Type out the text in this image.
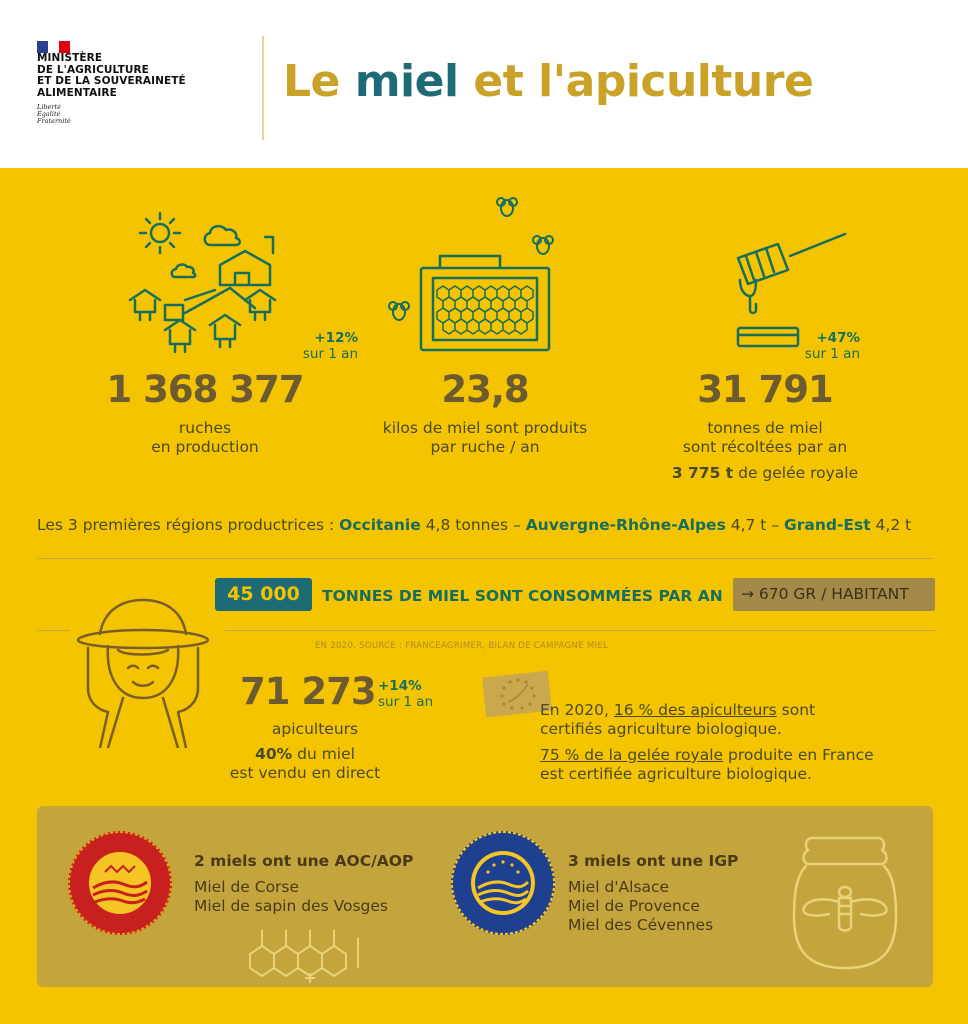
MINISTÈRE
DE L'AGRICULTURE
ET DE LA SOUVERAINETÉ
ALIMENTAIRE
Liberté
Égalité
Fraternité
Le miel et l'apiculture
+12%
sur 1 an
1 368 377
ruches
en production
23,8
kilos de miel sont produits
par ruche / an
+47%
sur 1 an
31 791
tonnes de miel
sont récoltées par an
3 775 t de gelée royale
Les 3 premières régions productrices : Occitanie 4,8 tonnes – Auvergne-Rhône-Alpes 4,7 t – Grand-Est 4,2 t
45 000	TONNES DE MIEL SONT CONSOMMÉES PAR AN	→ 670 GR / HABITANT
EN 2020. SOURCE : FRANCEAGRIMER, BILAN DE CAMPAGNE MIEL
71 273 +14%
sur 1 an
apiculteurs
40% du miel
est vendu en direct
En 2020, 16 % des apiculteurs sont
certifiés agriculture biologique.
75 % de la gelée royale produite en France
est certifiée agriculture biologique.
2 miels ont une AOC/AOP
Miel de Corse
Miel de sapin des Vosges
3 miels ont une IGP
Miel d'Alsace
Miel de Provence
Miel des Cévennes
